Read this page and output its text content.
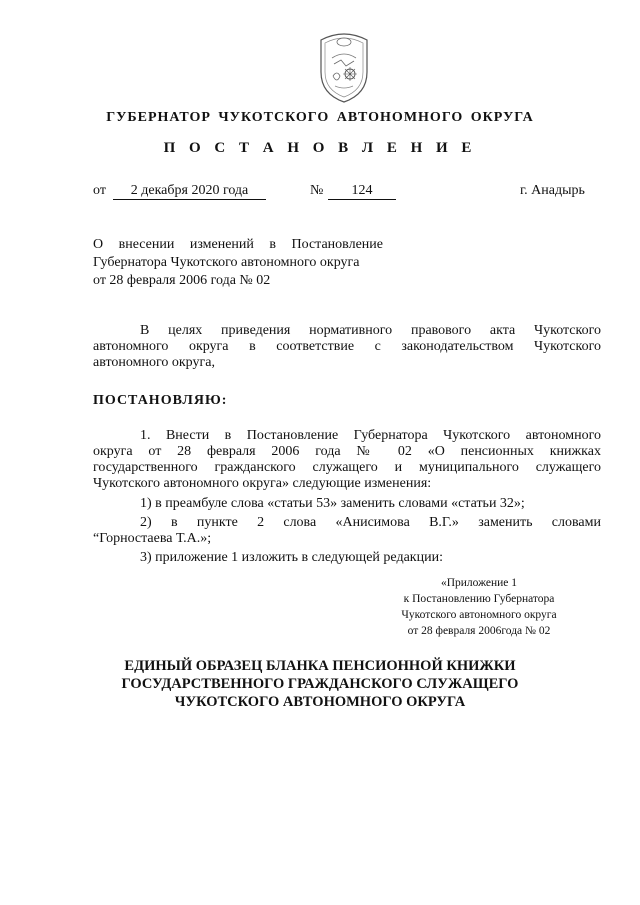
ГУБЕРНАТОР ЧУКОТСКОГО АВТОНОМНОГО ОКРУГА
П О С Т А Н О В Л Е Н И Е
от	2 декабря 2020 года	№	124	г. Анадырь
О внесении изменений в Постановление
Губернатора Чукотского автономного округа
от 28 февраля 2006 года № 02
В целях приведения нормативного правового акта Чукотского
автономного округа в соответствие с законодательством Чукотского
автономного округа,
ПОСТАНОВЛЯЮ:
1. Внести в Постановление Губернатора Чукотского автономного
округа от 28 февраля 2006 года № 02 «О пенсионных книжках
государственного гражданского служащего и муниципального служащего
Чукотского автономного округа» следующие изменения:
1) в преамбуле слова «статьи 53» заменить словами «статьи 32»;
2) в пункте 2 слова «Анисимова В.Г.» заменить словами
“Горностаева Т.А.»;
3) приложение 1 изложить в следующей редакции:
«Приложение 1
к Постановлению Губернатора
Чукотского автономного округа
от 28 февраля 2006года № 02
ЕДИНЫЙ ОБРАЗЕЦ БЛАНКА ПЕНСИОННОЙ КНИЖКИ
ГОСУДАРСТВЕННОГО ГРАЖДАНСКОГО СЛУЖАЩЕГО
ЧУКОТСКОГО АВТОНОМНОГО ОКРУГА
